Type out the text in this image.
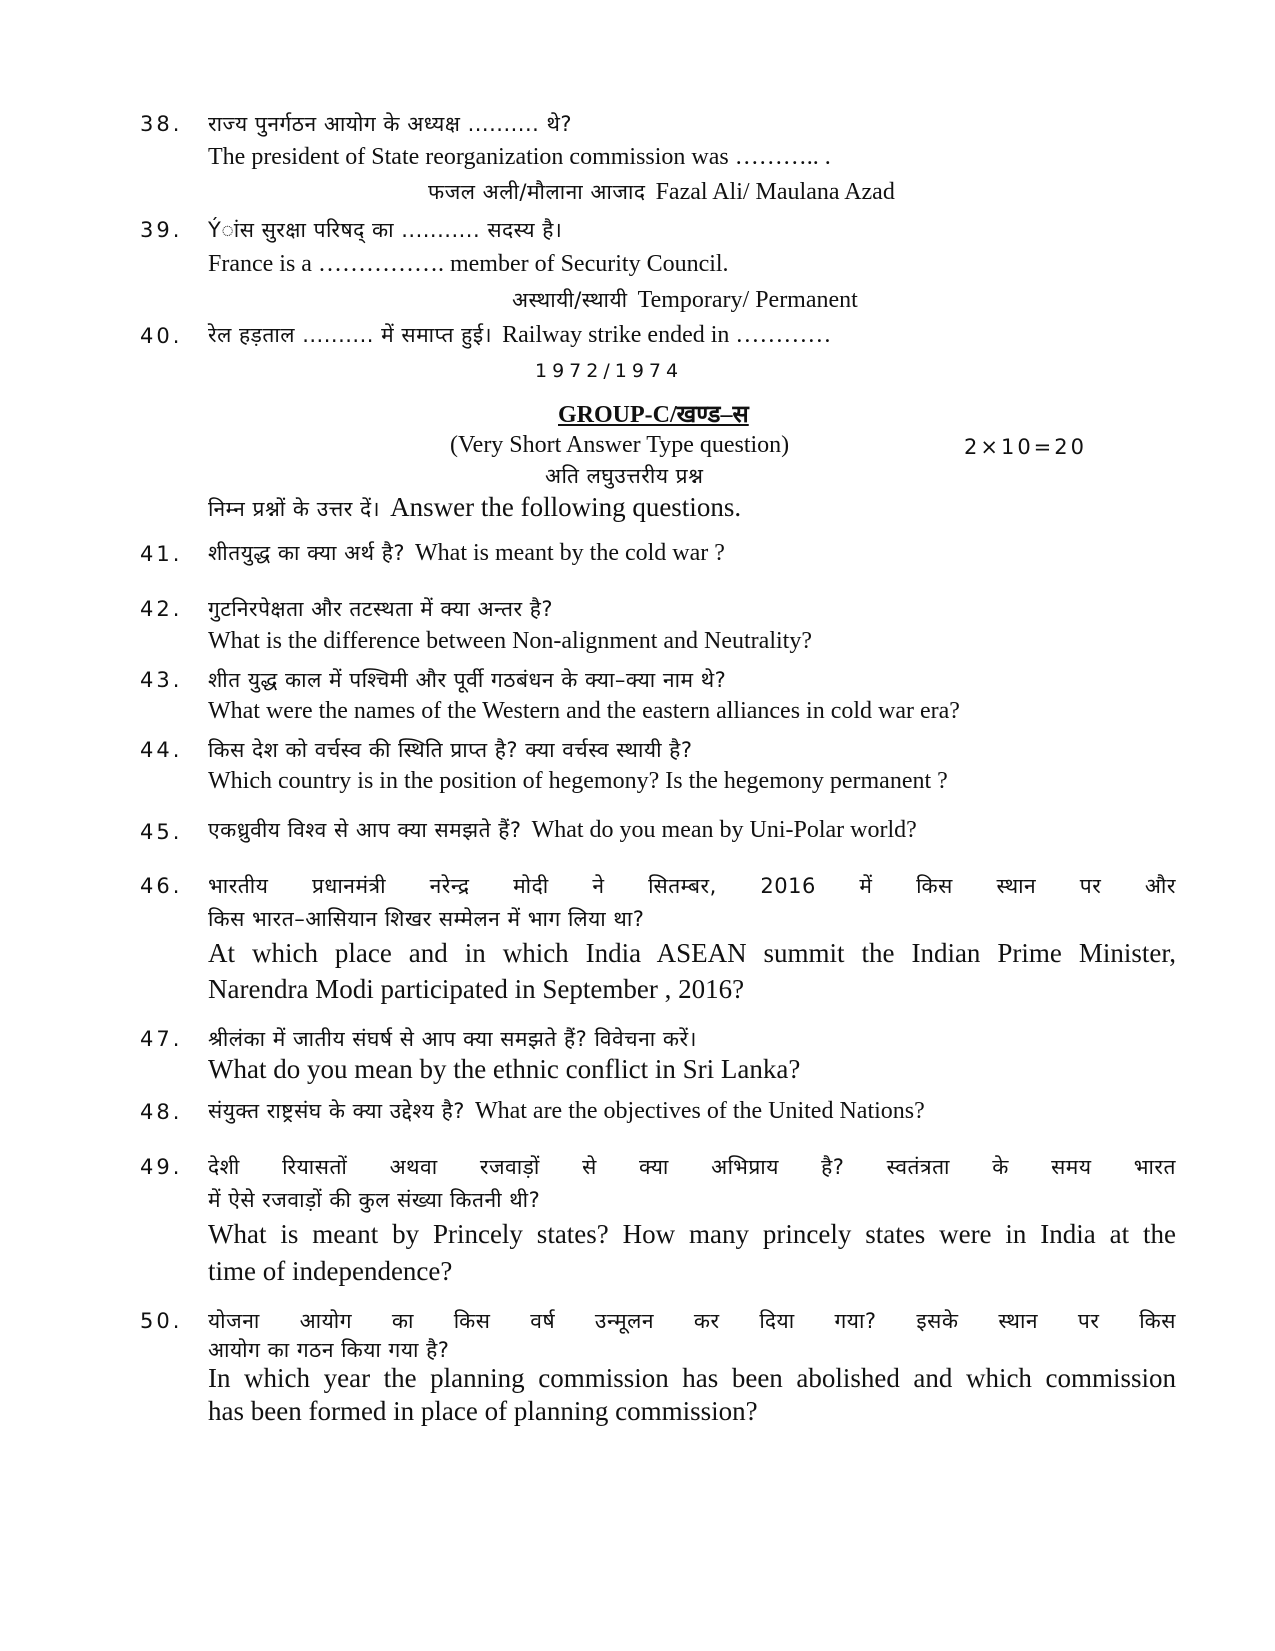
38. राज्य पुनर्गठन आयोग के अध्यक्ष .......... थे?
The president of State reorganization commission was ……….. .
फजल अली/मौलाना आजाद Fazal Ali/ Maulana Azad
39. Ýांस सुरक्षा परिषद् का ........... सदस्य है।
France is a ……………. member of Security Council.
अस्थायी/स्थायी Temporary/ Permanent
40. रेल हड़ताल .......... में समाप्त हुई। Railway strike ended in …………
1972/1974
GROUP-C/खण्ड–स
(Very Short Answer Type question)	2×10=20
अति लघुउत्तरीय प्रश्न
निम्न प्रश्नों के उत्तर दें। Answer the following questions.
41. शीतयुद्ध का क्या अर्थ है? What is meant by the cold war ?
42. गुटनिरपेक्षता और तटस्थता में क्या अन्तर है?
What is the difference between Non-alignment and Neutrality?
43. शीत युद्ध काल में पश्चिमी और पूर्वी गठबंधन के क्या–क्या नाम थे?
What were the names of the Western and the eastern alliances in cold war era?
44. किस देश को वर्चस्व की स्थिति प्राप्त है? क्या वर्चस्व स्थायी है?
Which country is in the position of hegemony? Is the hegemony permanent ?
45. एकध्रुवीय विश्व से आप क्या समझते हैं? What do you mean by Uni-Polar world?
46. भारतीय प्रधानमंत्री नरेन्द्र मोदी ने सितम्बर, 2016 में किस स्थान पर और
किस भारत–आसियान शिखर सम्मेलन में भाग लिया था?
At which place and in which India ASEAN summit the Indian Prime Minister,
Narendra Modi participated in September , 2016?
47. श्रीलंका में जातीय संघर्ष से आप क्या समझते हैं? विवेचना करें।
What do you mean by the ethnic conflict in Sri Lanka?
48. संयुक्त राष्ट्रसंघ के क्या उद्देश्य है? What are the objectives of the United Nations?
49. देशी रियासतों अथवा रजवाड़ों से क्या अभिप्राय है? स्वतंत्रता के समय भारत
में ऐसे रजवाड़ों की कुल संख्या कितनी थी?
What is meant by Princely states? How many princely states were in India at the
time of independence?
50. योजना आयोग का किस वर्ष उन्मूलन कर दिया गया? इसके स्थान पर किस
आयोग का गठन किया गया है?
In which year the planning commission has been abolished and which commission
has been formed in place of planning commission?
